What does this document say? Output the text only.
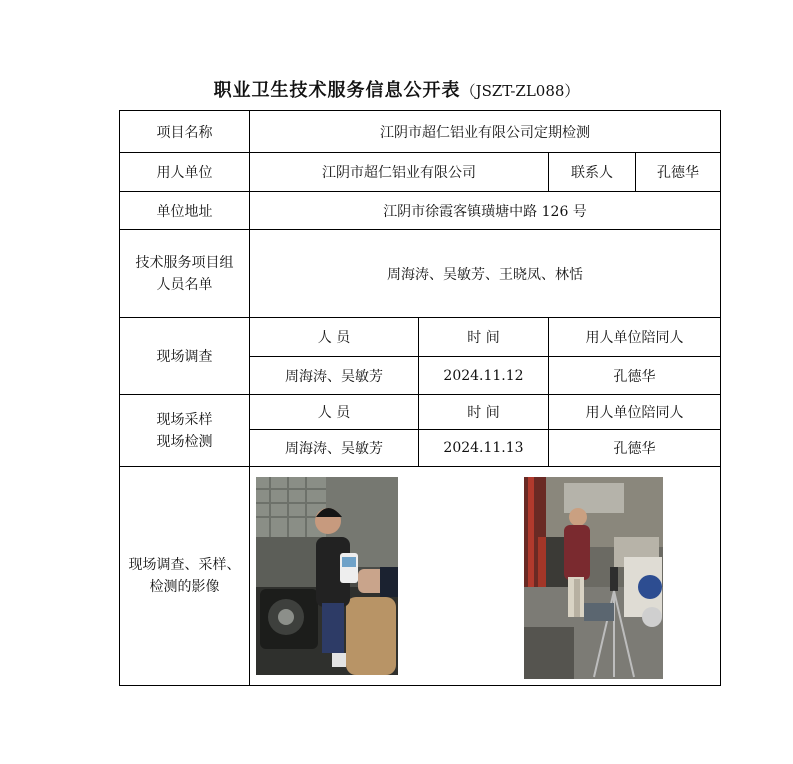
职业卫生技术服务信息公开表（JSZT-ZL088）
项目名称	江阴市超仁铝业有限公司定期检测			
用人单位	江阴市超仁铝业有限公司		联系人	孔德华
单位地址	江阴市徐霞客镇璜塘中路 126 号			

技术服务项目组
人员名单	周海涛、吴敏芳、王晓凤、林恬			
现场调查	人 员	时 间	用人单位陪同人	
	周海涛、吴敏芳	2024.11.12	孔德华	

现场采样
现场检测	人 员	时 间	用人单位陪同人	
	周海涛、吴敏芳	2024.11.13	孔德华	

现场调查、采样、
检测的影像
